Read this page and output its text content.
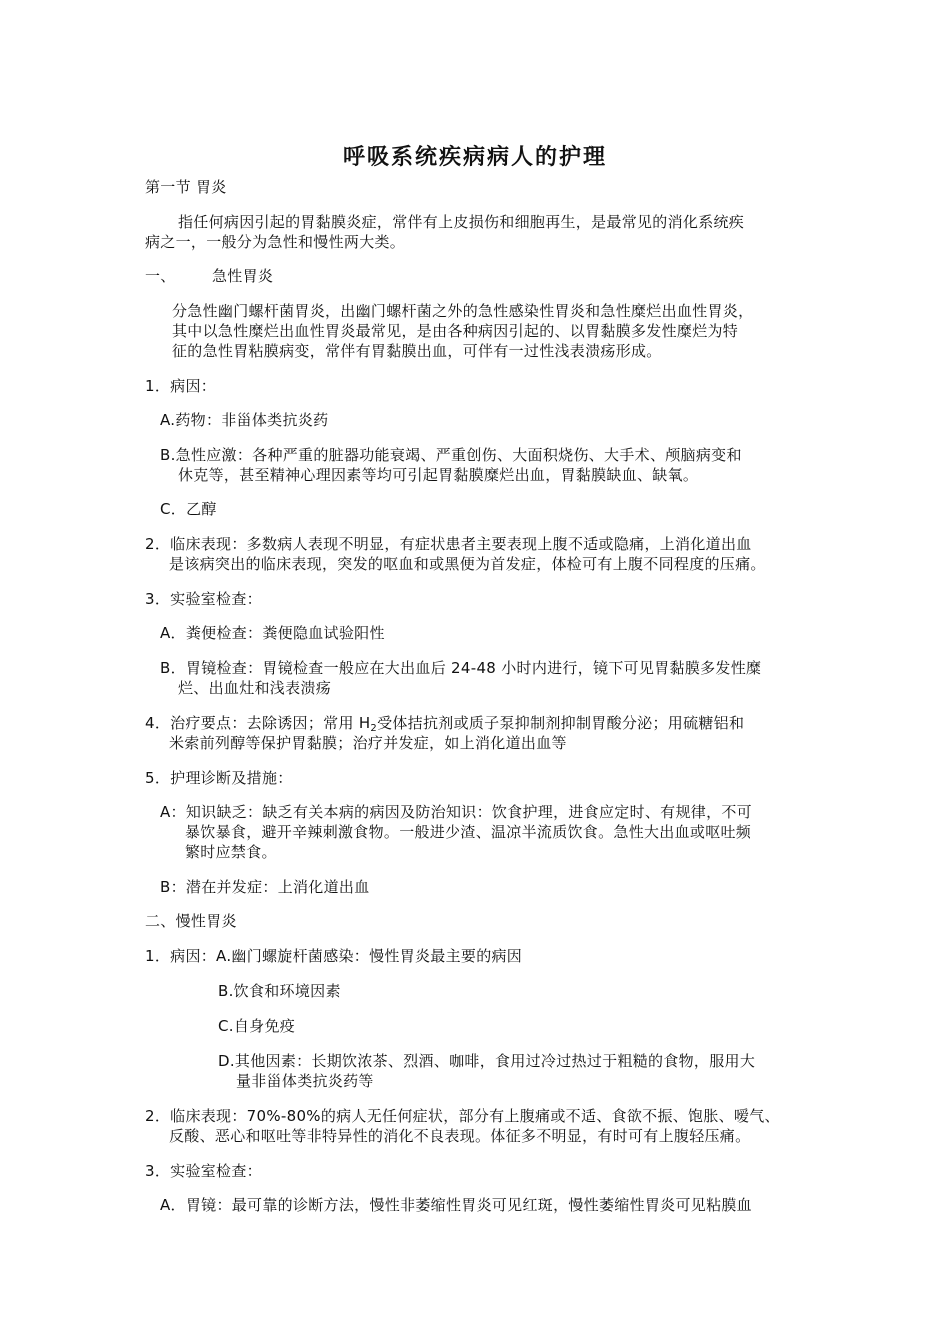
呼吸系统疾病病人的护理
第一节 胃炎
指任何病因引起的胃黏膜炎症，常伴有上皮损伤和细胞再生，是最常见的消化系统疾
病之一，一般分为急性和慢性两大类。
一、 急性胃炎
分急性幽门螺杆菌胃炎，出幽门螺杆菌之外的急性感染性胃炎和急性糜烂出血性胃炎，
其中以急性糜烂出血性胃炎最常见，是由各种病因引起的、以胃黏膜多发性糜烂为特
征的急性胃粘膜病变，常伴有胃黏膜出血，可伴有一过性浅表溃疡形成。
1．病因：
A.药物：非甾体类抗炎药
B.急性应激：各种严重的脏器功能衰竭、严重创伤、大面积烧伤、大手术、颅脑病变和
休克等，甚至精神心理因素等均可引起胃黏膜糜烂出血，胃黏膜缺血、缺氧。
C．乙醇
2．临床表现：多数病人表现不明显，有症状患者主要表现上腹不适或隐痛，上消化道出血
是该病突出的临床表现，突发的呕血和或黑便为首发症，体检可有上腹不同程度的压痛。
3．实验室检查：
A．粪便检查：粪便隐血试验阳性
B．胃镜检查：胃镜检查一般应在大出血后 24-48 小时内进行，镜下可见胃黏膜多发性糜
烂、出血灶和浅表溃疡
4．治疗要点：去除诱因；常用 $H_2$受体拮抗剂或质子泵抑制剂抑制胃酸分泌；用硫糖铝和
米索前列醇等保护胃黏膜；治疗并发症，如上消化道出血等
5．护理诊断及措施：
A：知识缺乏：缺乏有关本病的病因及防治知识：饮食护理，进食应定时、有规律，不可
暴饮暴食，避开辛辣刺激食物。一般进少渣、温凉半流质饮食。急性大出血或呕吐频
繁时应禁食。
B：潜在并发症：上消化道出血
二、慢性胃炎
1．病因：A.幽门螺旋杆菌感染：慢性胃炎最主要的病因
B.饮食和环境因素
C.自身免疫
D.其他因素：长期饮浓茶、烈酒、咖啡，食用过冷过热过于粗糙的食物，服用大
量非甾体类抗炎药等
2．临床表现：70%-80%的病人无任何症状，部分有上腹痛或不适、食欲不振、饱胀、嗳气、
反酸、恶心和呕吐等非特异性的消化不良表现。体征多不明显，有时可有上腹轻压痛。
3．实验室检查：
A．胃镜：最可靠的诊断方法，慢性非萎缩性胃炎可见红斑，慢性萎缩性胃炎可见粘膜血
